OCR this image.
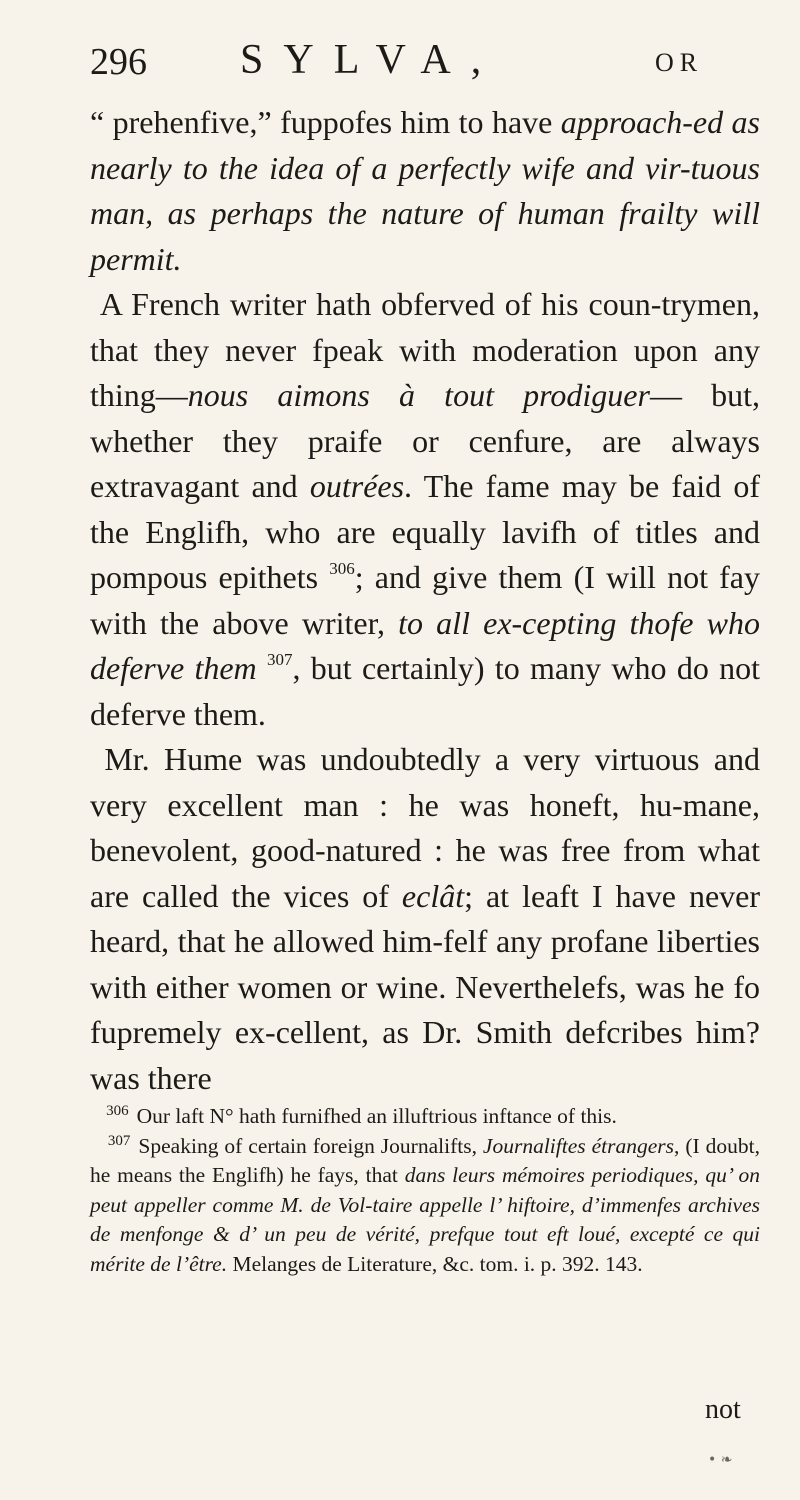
296 SYLVA,	OR

“ prehenfive,” fuppofes him to have approach-ed as nearly to the idea of a perfectly wife and vir-tuous man, as perhaps the nature of human frailty will permit.

A French writer hath obferved of his coun-trymen, that they never fpeak with moderation upon any thing—nous aimons à tout prodiguer— but, whether they praife or cenfure, are always extravagant and outrées. The fame may be faid of the Englifh, who are equally lavifh of titles and pompous epithets $^{306}$; and give them (I will not fay with the above writer, to all ex-cepting thofe who deferve them $^{307}$, but certainly) to many who do not deferve them.

Mr. Hume was undoubtedly a very virtuous and very excellent man : he was honeft, hu-mane, benevolent, good-natured : he was free from what are called the vices of eclât; at leaft I have never heard, that he allowed him-felf any profane liberties with either women or wine. Neverthelefs, was he fo fupremely ex-cellent, as Dr. Smith defcribes him? was there

$^{306}$ Our laft N° hath furnifhed an illuftrious inftance of this.

$^{307}$ Speaking of certain foreign Journalifts, Journaliftes étrangers, (I doubt, he means the Englifh) he fays, that dans leurs mémoires periodiques, qu’ on peut appeller comme M. de Vol-taire appelle l’ hiftoire, d’immenfes archives de menfonge & d’ un peu de vérité, prefque tout eft loué, excepté ce qui mérite de l’être. Melanges de Literature, &c. tom. i. p. 392. 143.

not
• ❧
